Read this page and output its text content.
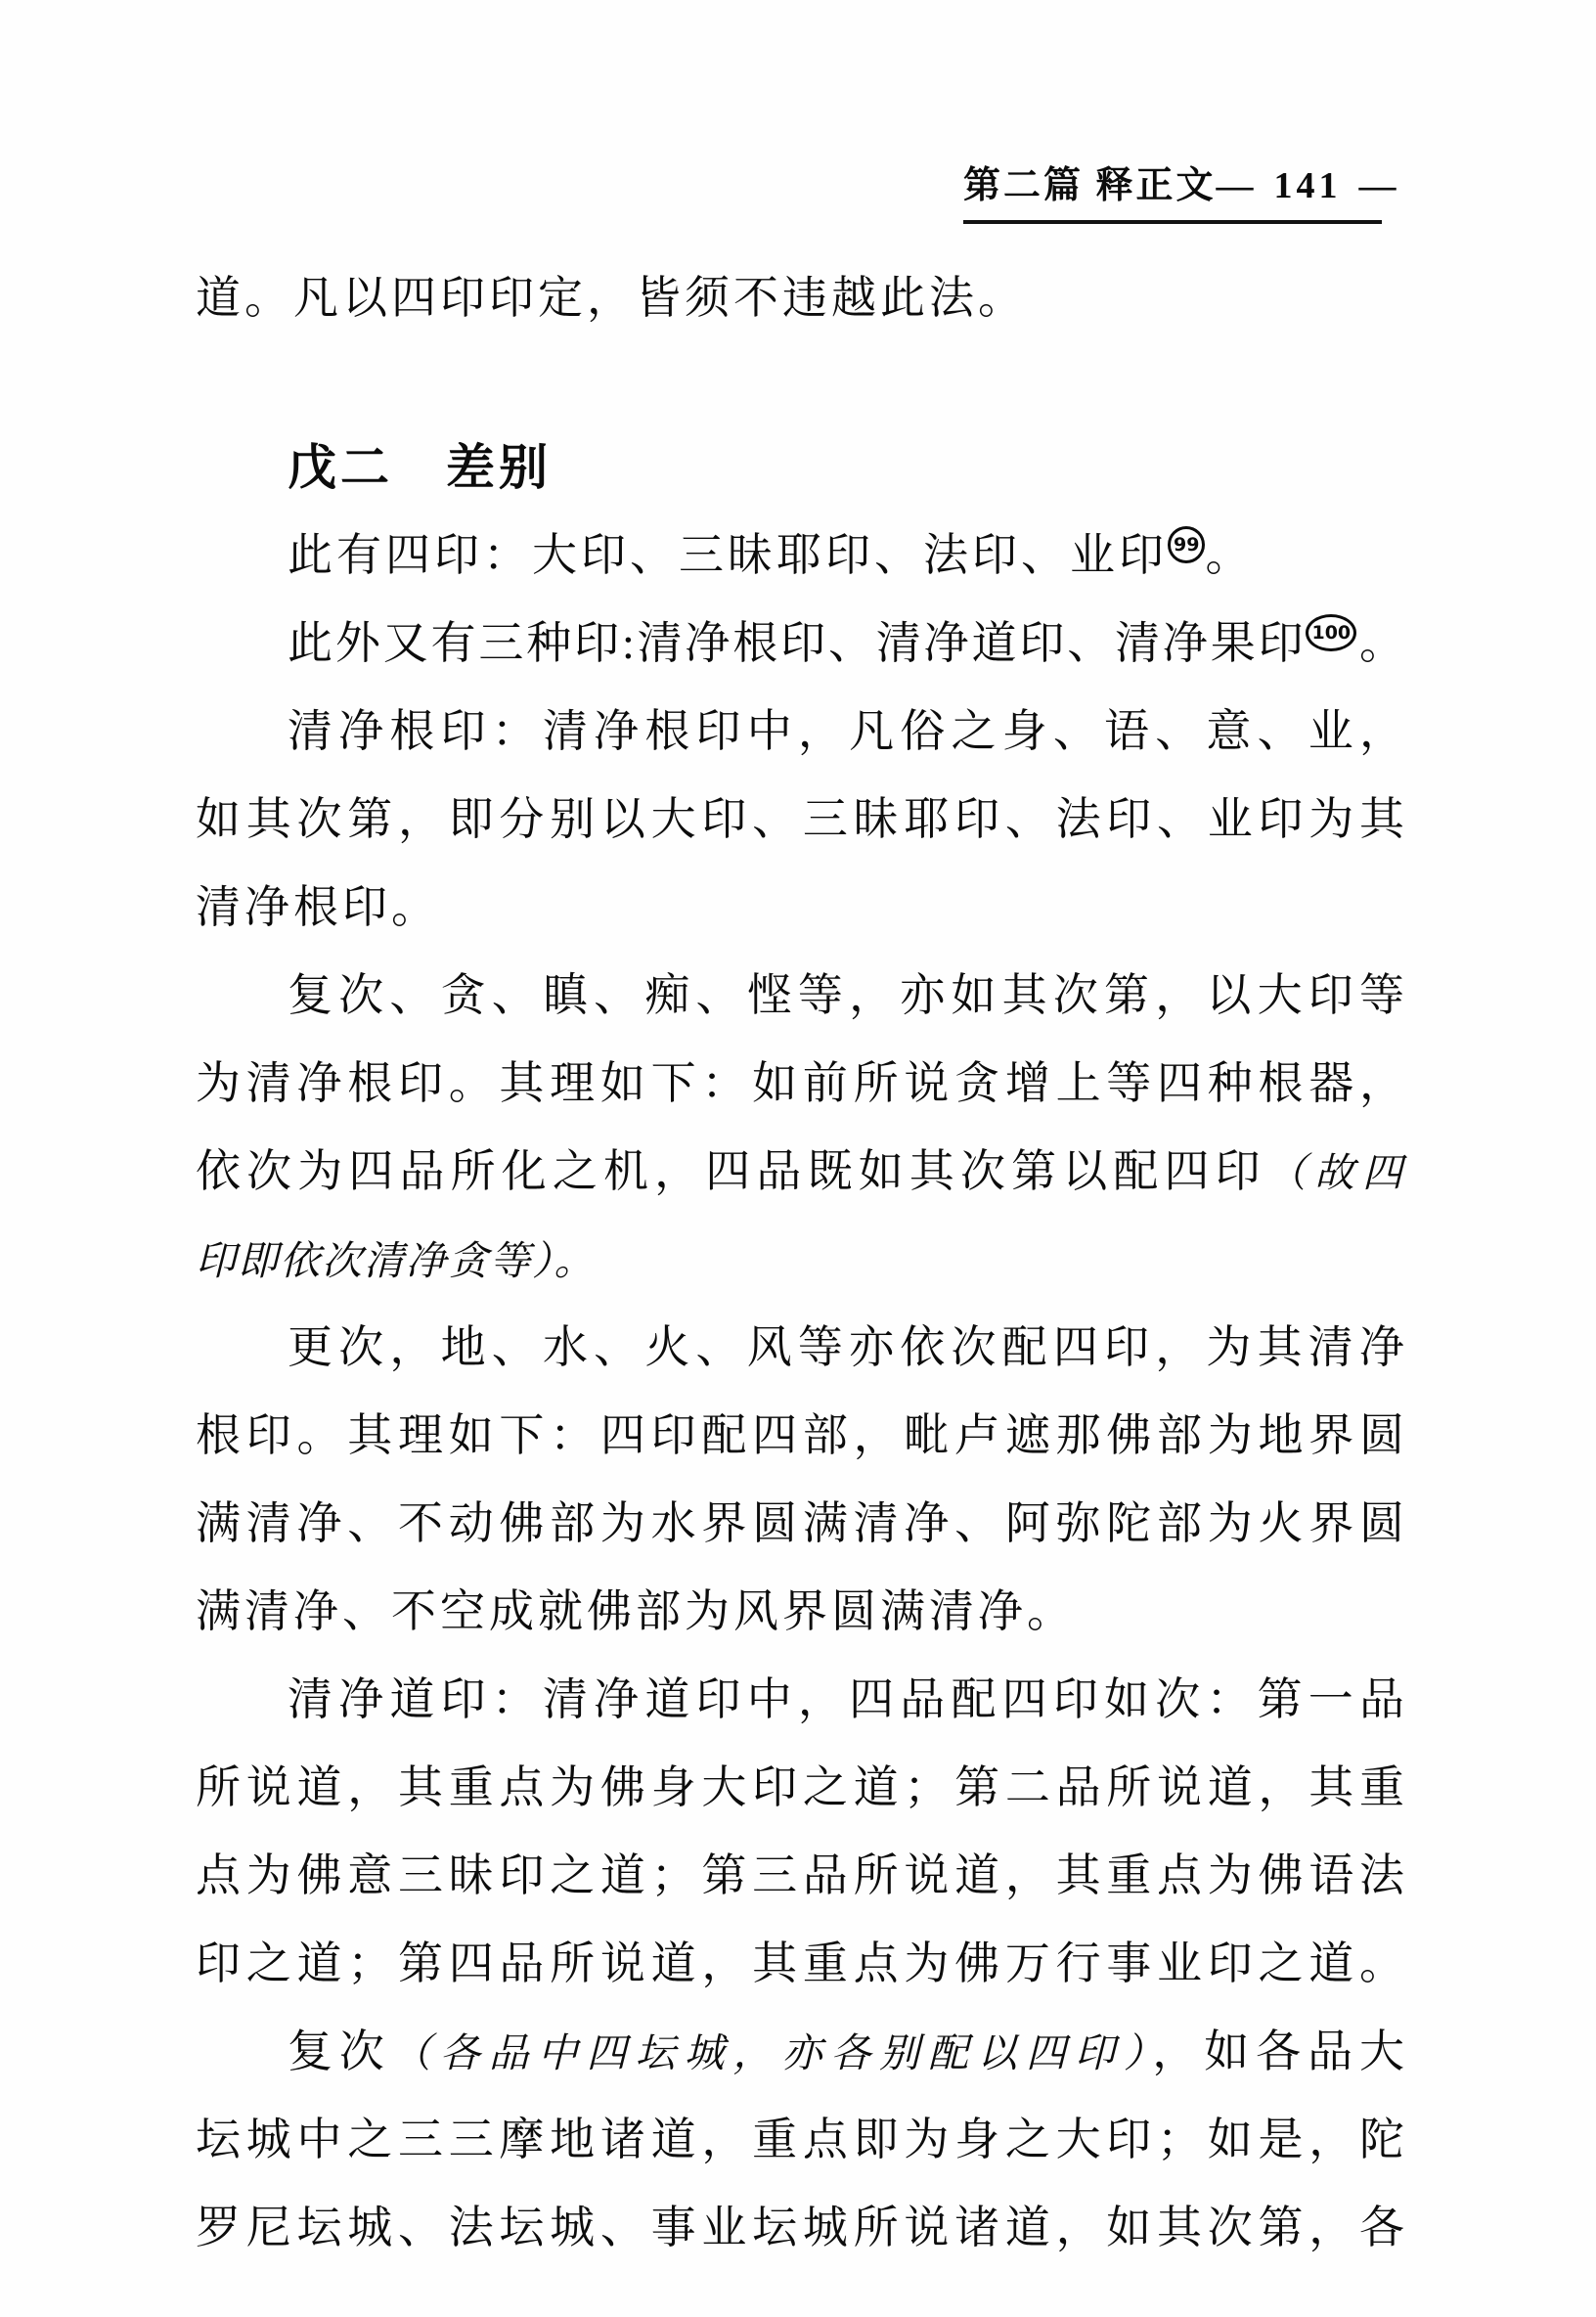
第二篇 释正文 — 141 —
道。凡以四印印定，皆须不违越此法。
戊二　差别
此有四印：大印、三昧耶印、法印、业印 99 。
此外又有三种印:清净根印、清净道印、清净果印 100 。
清净根印：清净根印中，凡俗之身、语、意、业，
如其次第，即分别以大印、三昧耶印、法印、业印为其
清净根印。
复次、贪、瞋、痴、悭等，亦如其次第，以大印等
为清净根印。其理如下：如前所说贪增上等四种根器，
依次为四品所化之机，四品既如其次第以配四印（故四
印即依次清净贪等）。
更次，地、水、火、风等亦依次配四印，为其清净
根印。其理如下：四印配四部，毗卢遮那佛部为地界圆
满清净、不动佛部为水界圆满清净、阿弥陀部为火界圆
满清净、不空成就佛部为风界圆满清净。
清净道印：清净道印中，四品配四印如次：第一品
所说道，其重点为佛身大印之道；第二品所说道，其重
点为佛意三昧印之道；第三品所说道，其重点为佛语法
印之道；第四品所说道，其重点为佛万行事业印之道。
复次（各品中四坛城，亦各别配以四印），如各品大
坛城中之三三摩地诸道，重点即为身之大印；如是，陀
罗尼坛城、法坛城、事业坛城所说诸道，如其次第，各
